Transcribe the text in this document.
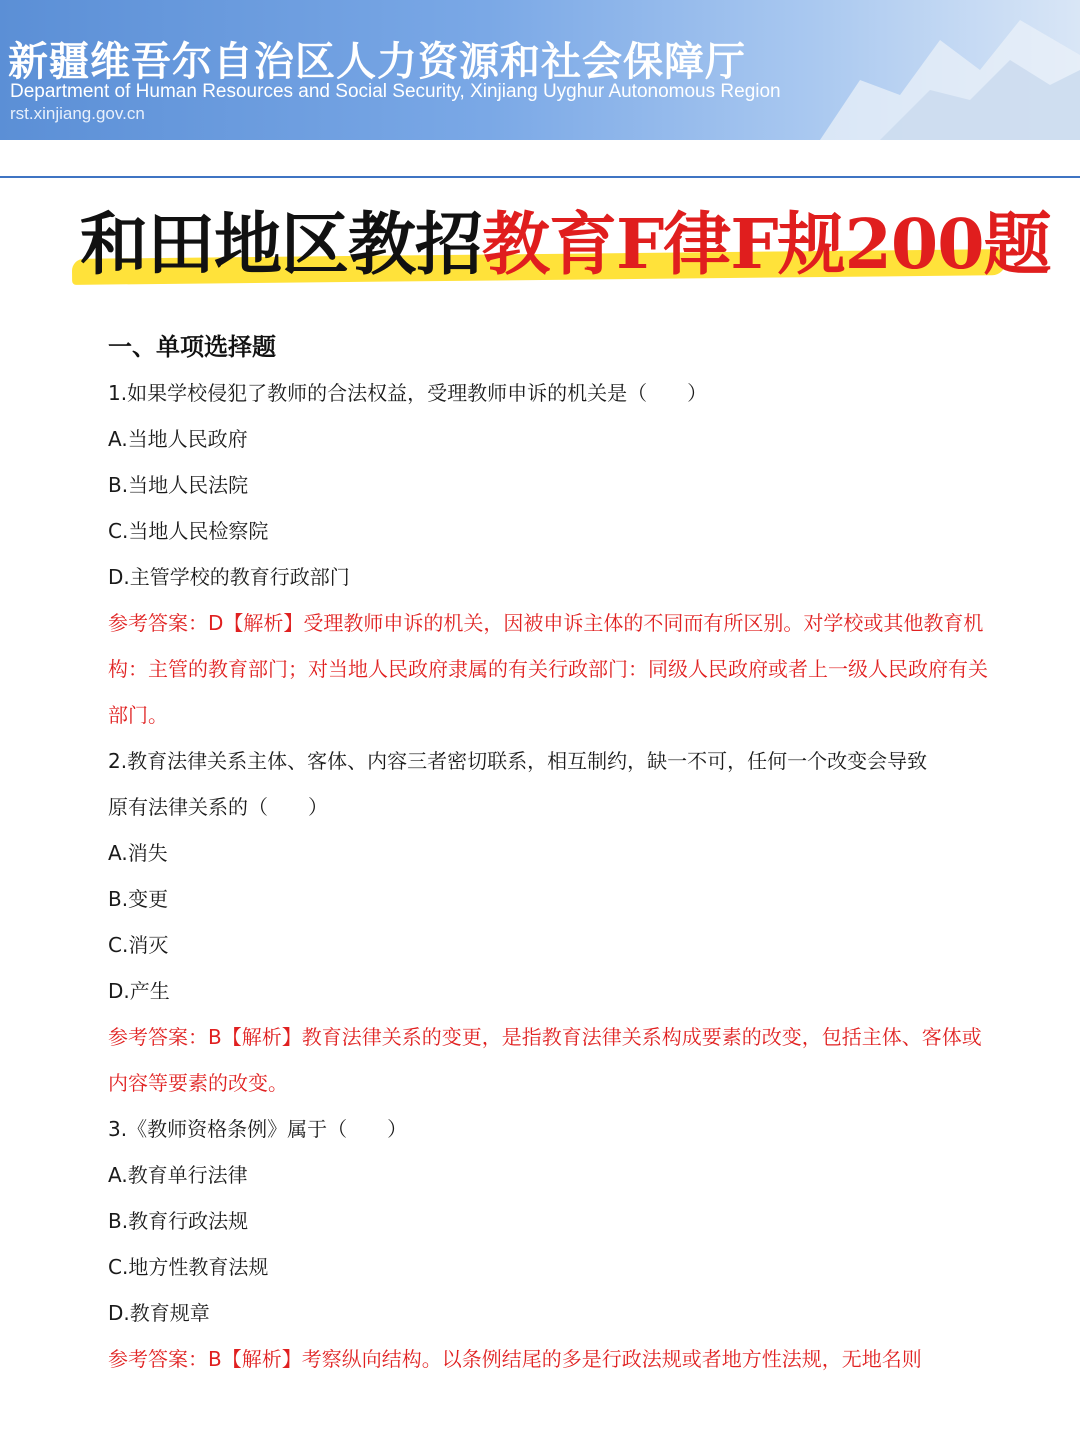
新疆维吾尔自治区人力资源和社会保障厅
Department of Human Resources and Social Security, Xinjiang Uyghur Autonomous Region
rst.xinjiang.gov.cn
和田地区教招教育F律F规200题
一、单项选择题
1.如果学校侵犯了教师的合法权益，受理教师申诉的机关是（　　）
A.当地人民政府
B.当地人民法院
C.当地人民检察院
D.主管学校的教育行政部门
参考答案：D【解析】受理教师申诉的机关，因被申诉主体的不同而有所区别。对学校或其他教育机构：主管的教育部门；对当地人民政府隶属的有关行政部门：同级人民政府或者上一级人民政府有关部门。
2.教育法律关系主体、客体、内容三者密切联系，相互制约，缺一不可，任何一个改变会导致
原有法律关系的（　　）
A.消失
B.变更
C.消灭
D.产生
参考答案：B【解析】教育法律关系的变更，是指教育法律关系构成要素的改变，包括主体、客体或内容等要素的改变。
3.《教师资格条例》属于（　　）
A.教育单行法律
B.教育行政法规
C.地方性教育法规
D.教育规章
参考答案：B【解析】考察纵向结构。以条例结尾的多是行政法规或者地方性法规，无地名则
